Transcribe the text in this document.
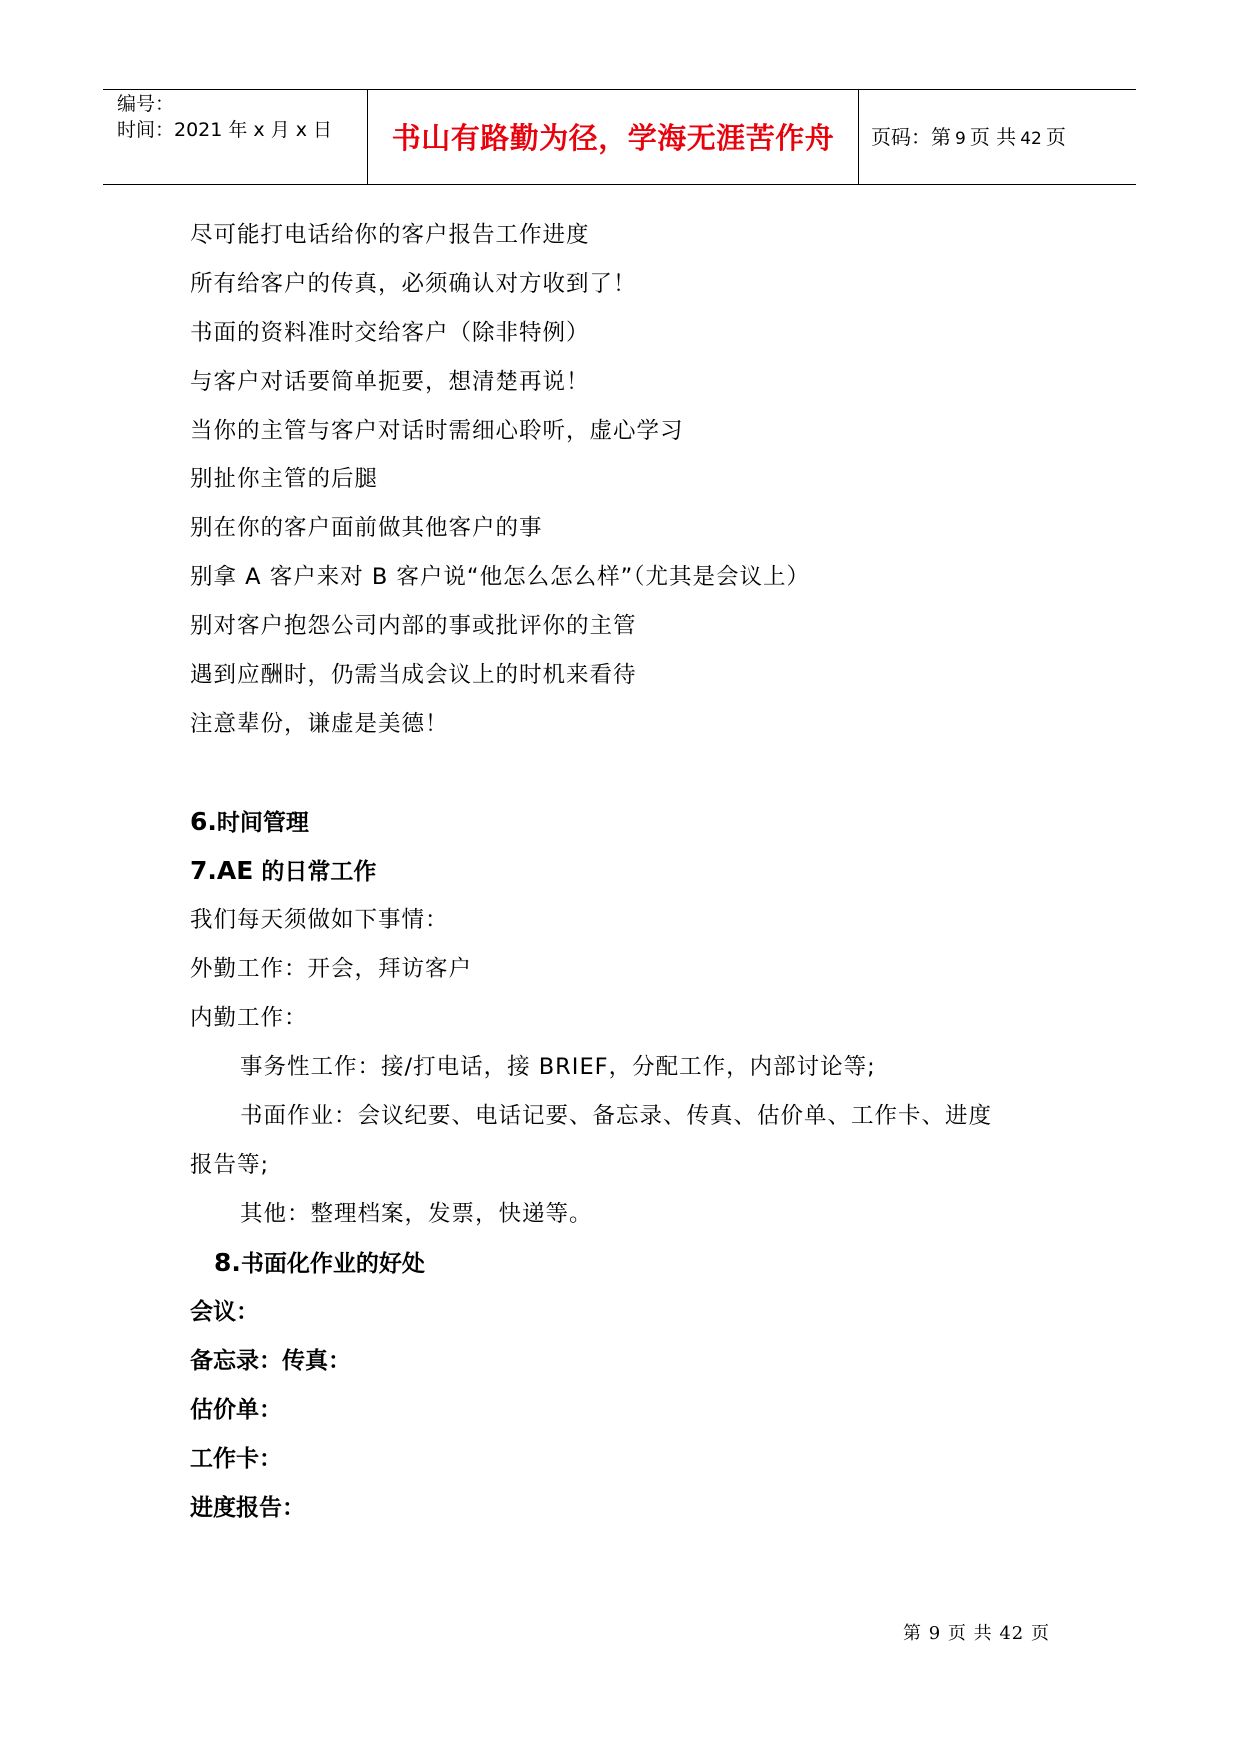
编号：
时间：2021 年 x 月 x 日	书山有路勤为径，学海无涯苦作舟	页码：第 9 页 共 42 页
尽可能打电话给你的客户报告工作进度
所有给客户的传真，必须确认对方收到了！
书面的资料准时交给客户（除非特例）
与客户对话要简单扼要，想清楚再说！
当你的主管与客户对话时需细心聆听，虚心学习
别扯你主管的后腿
别在你的客户面前做其他客户的事
别拿 A 客户来对 B 客户说“他怎么怎么样”（尤其是会议上）
别对客户抱怨公司内部的事或批评你的主管
遇到应酬时，仍需当成会议上的时机来看待
注意辈份，谦虚是美德！
6.时间管理
7.AE 的日常工作
我们每天须做如下事情：
外勤工作：开会，拜访客户
内勤工作：
事务性工作：接/打电话，接 BRIEF，分配工作，内部讨论等;
书面作业：会议纪要、电话记要、备忘录、传真、估价单、工作卡、进度
报告等;
其他：整理档案，发票，快递等。
8.书面化作业的好处
会议：
备忘录：传真：
估价单：
工作卡：
进度报告：
第 9 页 共 42 页
